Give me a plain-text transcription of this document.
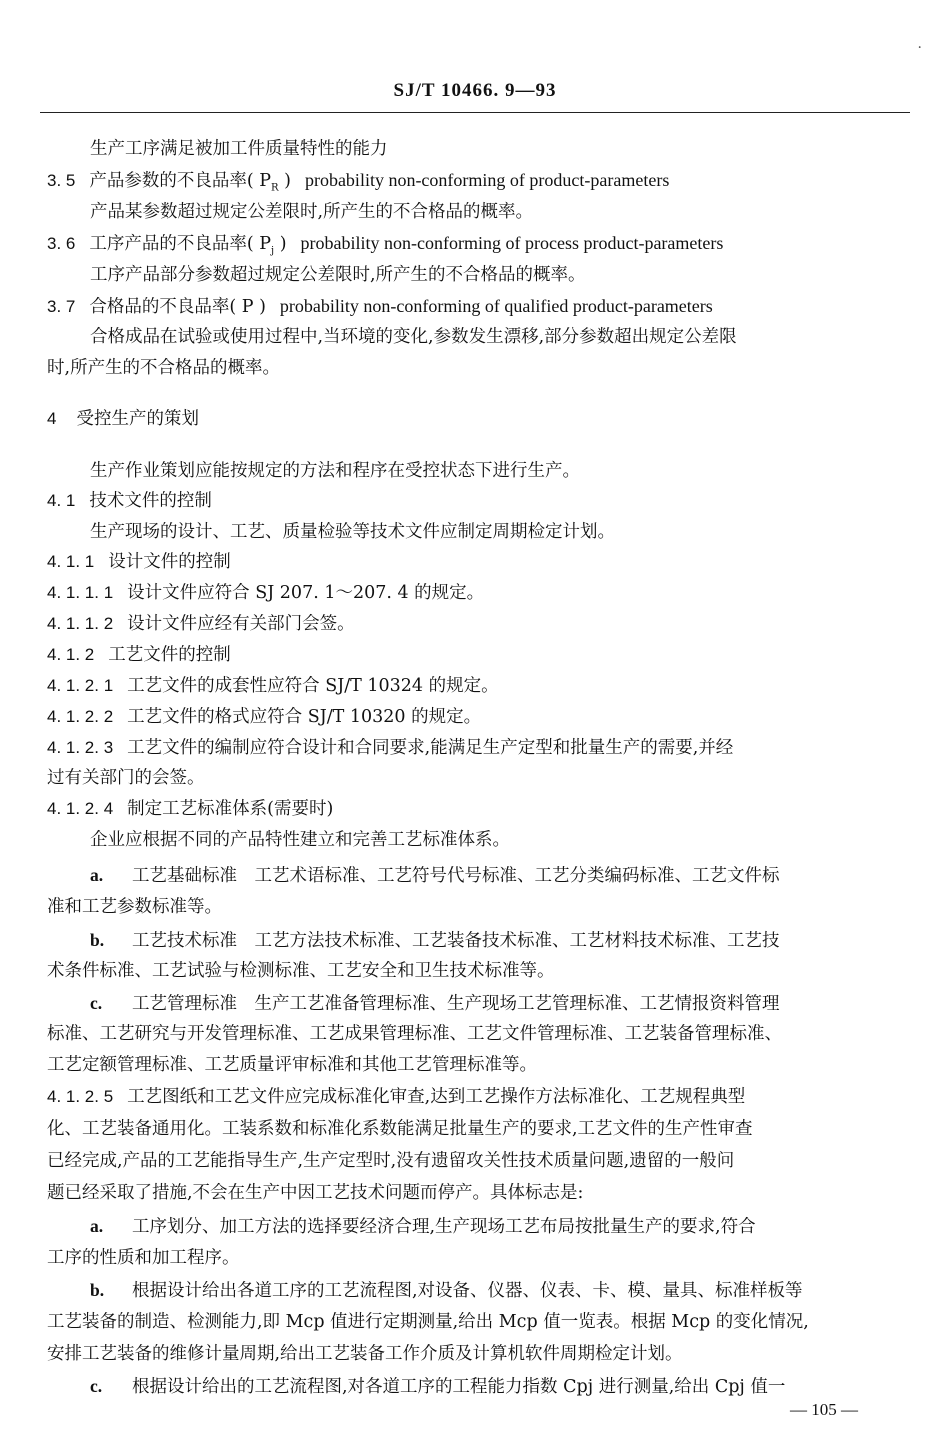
·
SJ/T 10466. 9—93
生产工序满足被加工件质量特性的能力
3. 5 产品参数的不良品率( $P_R$ ) probability non-conforming of product-parameters
产品某参数超过规定公差限时,所产生的不合格品的概率。
3. 6 工序产品的不良品率( $P_j$ ) probability non-conforming of process product-parameters
工序产品部分参数超过规定公差限时,所产生的不合格品的概率。
3. 7 合格品的不良品率( P ) probability non-conforming of qualified product-parameters
合格成品在试验或使用过程中,当环境的变化,参数发生漂移,部分参数超出规定公差限
时,所产生的不合格品的概率。
4 受控生产的策划
生产作业策划应能按规定的方法和程序在受控状态下进行生产。
4. 1 技术文件的控制
生产现场的设计、工艺、质量检验等技术文件应制定周期检定计划。
4. 1. 1 设计文件的控制
4. 1. 1. 1 设计文件应符合 SJ 207. 1～207. 4 的规定。
4. 1. 1. 2 设计文件应经有关部门会签。
4. 1. 2 工艺文件的控制
4. 1. 2. 1 工艺文件的成套性应符合 SJ/T 10324 的规定。
4. 1. 2. 2 工艺文件的格式应符合 SJ/T 10320 的规定。
4. 1. 2. 3 工艺文件的编制应符合设计和合同要求,能满足生产定型和批量生产的需要,并经
过有关部门的会签。
4. 1. 2. 4 制定工艺标准体系(需要时)
企业应根据不同的产品特性建立和完善工艺标准体系。
a. 工艺基础标准　工艺术语标准、工艺符号代号标准、工艺分类编码标准、工艺文件标
准和工艺参数标准等。
b. 工艺技术标准　工艺方法技术标准、工艺装备技术标准、工艺材料技术标准、工艺技
术条件标准、工艺试验与检测标准、工艺安全和卫生技术标准等。
c. 工艺管理标准　生产工艺准备管理标准、生产现场工艺管理标准、工艺情报资料管理
标准、工艺研究与开发管理标准、工艺成果管理标准、工艺文件管理标准、工艺装备管理标准、
工艺定额管理标准、工艺质量评审标准和其他工艺管理标准等。
4. 1. 2. 5 工艺图纸和工艺文件应完成标准化审查,达到工艺操作方法标准化、工艺规程典型
化、工艺装备通用化。工装系数和标准化系数能满足批量生产的要求,工艺文件的生产性审查
已经完成,产品的工艺能指导生产,生产定型时,没有遗留攻关性技术质量问题,遗留的一般问
题已经采取了措施,不会在生产中因工艺技术问题而停产。具体标志是:
a. 工序划分、加工方法的选择要经济合理,生产现场工艺布局按批量生产的要求,符合
工序的性质和加工程序。
b. 根据设计给出各道工序的工艺流程图,对设备、仪器、仪表、卡、模、量具、标准样板等
工艺装备的制造、检测能力,即 Mcp 值进行定期测量,给出 Mcp 值一览表。根据 Mcp 的变化情况,
安排工艺装备的维修计量周期,给出工艺装备工作介质及计算机软件周期检定计划。
c. 根据设计给出的工艺流程图,对各道工序的工程能力指数 Cpj 进行测量,给出 Cpj 值一
— 105 —
